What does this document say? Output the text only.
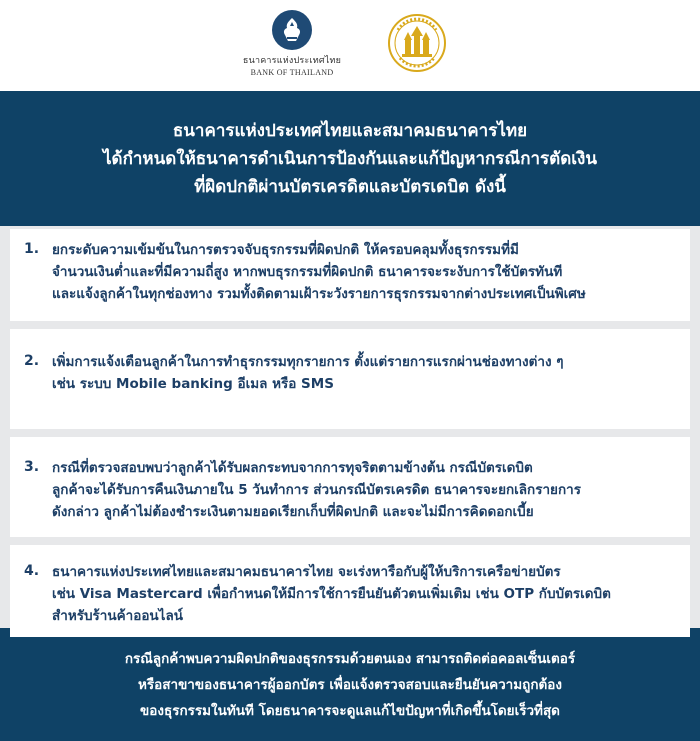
ธนาคารแห่งประเทศไทย
BANK OF THAILAND
ธนาคารแห่งประเทศไทยและสมาคมธนาคารไทย
ได้กำหนดให้ธนาคารดำเนินการป้องกันและแก้ปัญหากรณีการตัดเงิน
ที่ผิดปกติผ่านบัตรเครดิตและบัตรเดบิต ดังนี้
1. ยกระดับความเข้มข้นในการตรวจจับธุรกรรมที่ผิดปกติ ให้ครอบคลุมทั้งธุรกรรมที่มี
จำนวนเงินต่ำและที่มีความถี่สูง หากพบธุรกรรมที่ผิดปกติ ธนาคารจะระงับการใช้บัตรทันที
และแจ้งลูกค้าในทุกช่องทาง รวมทั้งติดตามเฝ้าระวังรายการธุรกรรมจากต่างประเทศเป็นพิเศษ
2. เพิ่มการแจ้งเตือนลูกค้าในการทำธุรกรรมทุกรายการ ตั้งแต่รายการแรกผ่านช่องทางต่าง ๆ
เช่น ระบบ Mobile banking อีเมล หรือ SMS
3. กรณีที่ตรวจสอบพบว่าลูกค้าได้รับผลกระทบจากการทุจริตตามข้างต้น กรณีบัตรเดบิต
ลูกค้าจะได้รับการคืนเงินภายใน 5 วันทำการ ส่วนกรณีบัตรเครดิต ธนาคารจะยกเลิกรายการ
ดังกล่าว ลูกค้าไม่ต้องชำระเงินตามยอดเรียกเก็บที่ผิดปกติ และจะไม่มีการคิดดอกเบี้ย
4. ธนาคารแห่งประเทศไทยและสมาคมธนาคารไทย จะเร่งหารือกับผู้ให้บริการเครือข่ายบัตร
เช่น Visa Mastercard เพื่อกำหนดให้มีการใช้การยืนยันตัวตนเพิ่มเติม เช่น OTP กับบัตรเดบิต
สำหรับร้านค้าออนไลน์
กรณีลูกค้าพบความผิดปกติของธุรกรรมด้วยตนเอง สามารถติดต่อคอลเซ็นเตอร์
หรือสาขาของธนาคารผู้ออกบัตร เพื่อแจ้งตรวจสอบและยืนยันความถูกต้อง
ของธุรกรรมในทันที โดยธนาคารจะดูแลแก้ไขปัญหาที่เกิดขึ้นโดยเร็วที่สุด
